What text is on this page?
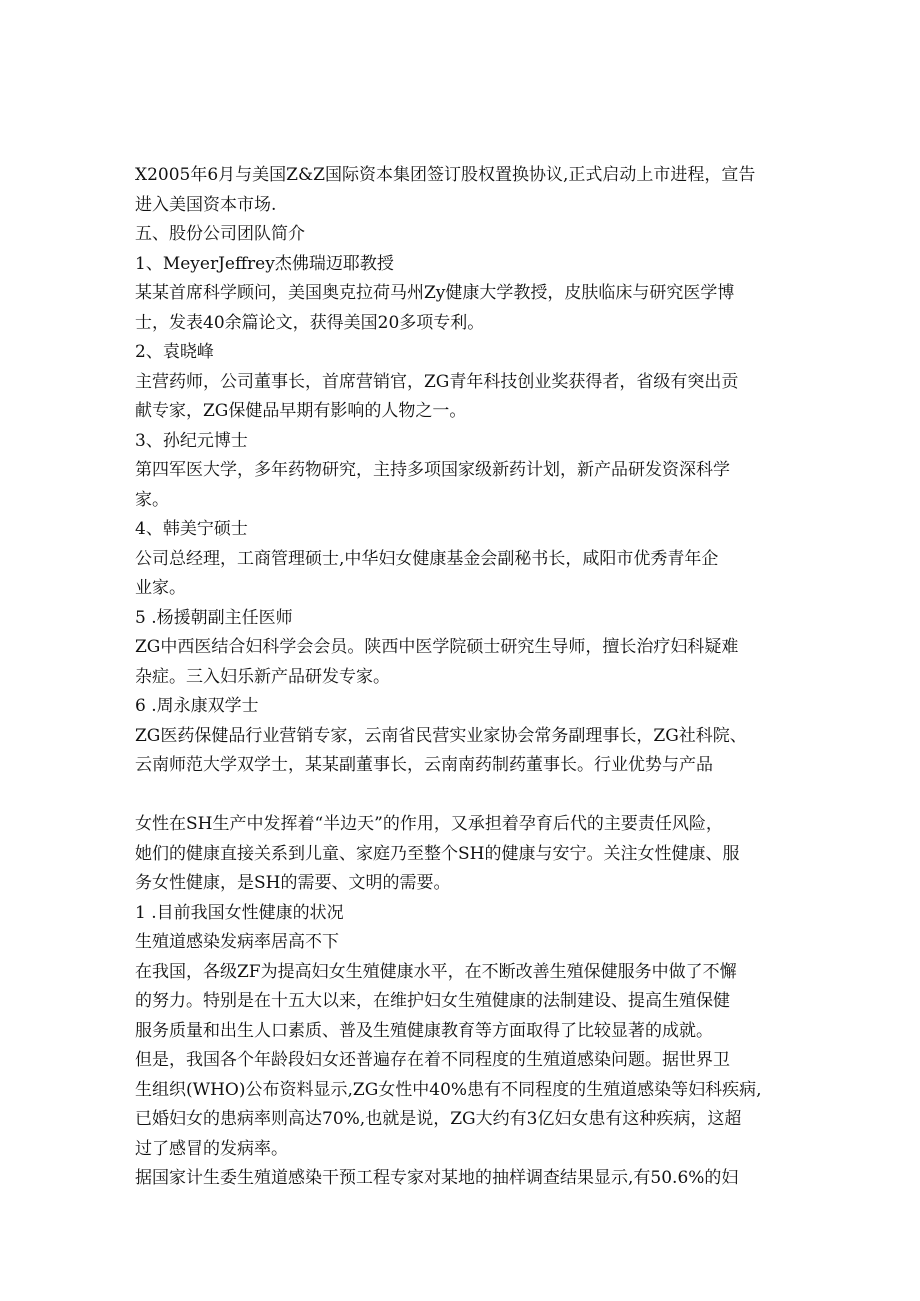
X2005年6月与美国Z&Z国际资本集团签订股权置换协议,正式启动上市进程，宣告
进入美国资本市场.
五、股份公司团队简介
1、MeyerJeffrey杰佛瑞迈耶教授
某某首席科学顾问，美国奥克拉荷马州Zy健康大学教授，皮肤临床与研究医学博
士，发表40余篇论文，获得美国20多项专利。
2、袁晓峰
主营药师，公司董事长，首席营销官，ZG青年科技创业奖获得者，省级有突出贡
献专家，ZG保健品早期有影响的人物之一。
3、孙纪元博士
第四军医大学，多年药物研究，主持多项国家级新药计划，新产品研发资深科学
家。
4、韩美宁硕士
公司总经理，工商管理硕士,中华妇女健康基金会副秘书长，咸阳市优秀青年企
业家。
5 .杨援朝副主任医师
ZG中西医结合妇科学会会员。陕西中医学院硕士研究生导师，擅长治疗妇科疑难
杂症。三入妇乐新产品研发专家。
6 .周永康双学士
ZG医药保健品行业营销专家，云南省民营实业家协会常务副理事长，ZG社科院、
云南师范大学双学士，某某副董事长，云南南药制药董事长。行业优势与产品
女性在SH生产中发挥着“半边天”的作用，又承担着孕育后代的主要责任风险，
她们的健康直接关系到儿童、家庭乃至整个SH的健康与安宁。关注女性健康、服
务女性健康，是SH的需要、文明的需要。
1 .目前我国女性健康的状况
生殖道感染发病率居高不下
在我国，各级ZF为提高妇女生殖健康水平，在不断改善生殖保健服务中做了不懈
的努力。特别是在十五大以来，在维护妇女生殖健康的法制建设、提高生殖保健
服务质量和出生人口素质、普及生殖健康教育等方面取得了比较显著的成就。
但是，我国各个年龄段妇女还普遍存在着不同程度的生殖道感染问题。据世界卫
生组织(WHO)公布资料显示,ZG女性中40%患有不同程度的生殖道感染等妇科疾病,
已婚妇女的患病率则高达70%,也就是说，ZG大约有3亿妇女患有这种疾病，这超
过了感冒的发病率。
据国家计生委生殖道感染干预工程专家对某地的抽样调查结果显示,有50.6%的妇
